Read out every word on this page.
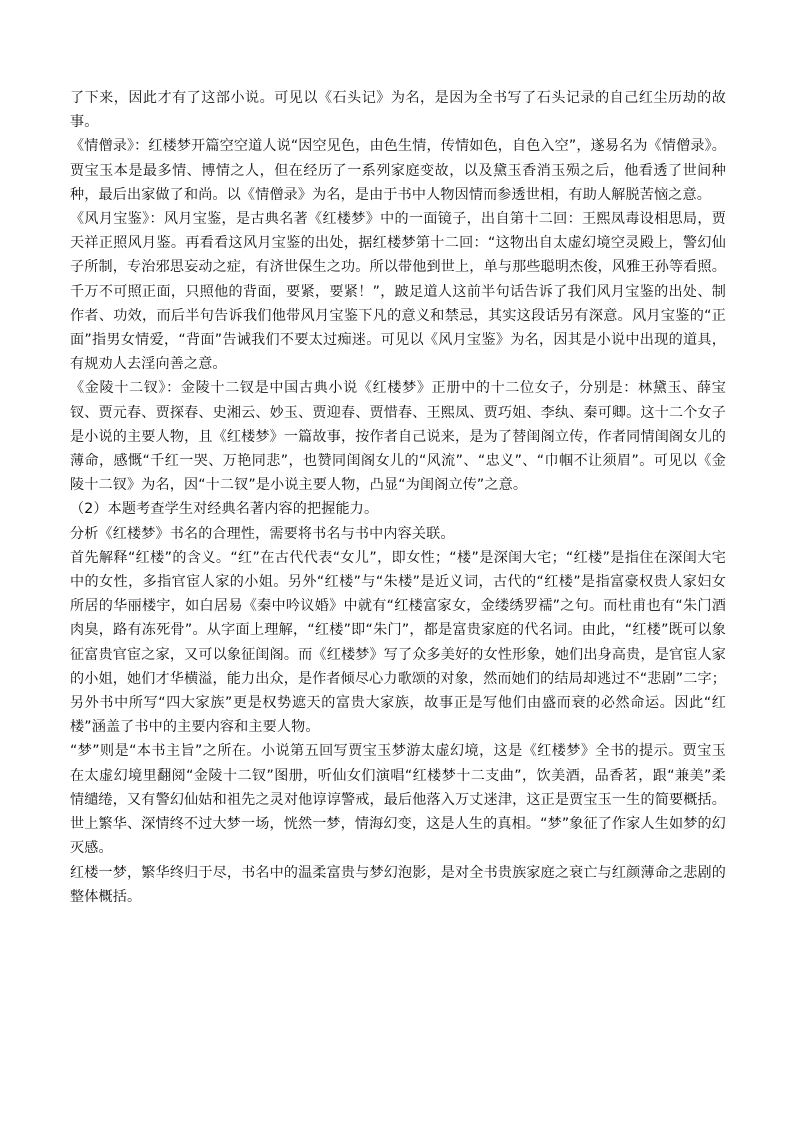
了下来，因此才有了这部小说。可见以《石头记》为名，是因为全书写了石头记录的自己红尘历劫的故事。

《情僧录》：红楼梦开篇空空道人说“因空见色，由色生情，传情如色，自色入空”，遂易名为《情僧录》。贾宝玉本是最多情、博情之人，但在经历了一系列家庭变故，以及黛玉香消玉殒之后，他看透了世间种种，最后出家做了和尚。以《情僧录》为名，是由于书中人物因情而参透世相，有助人解脱苦恼之意。

《风月宝鉴》：风月宝鉴，是古典名著《红楼梦》中的一面镜子，出自第十二回：王熙凤毒设相思局，贾天祥正照风月鉴。再看看这风月宝鉴的出处，据红楼梦第十二回：“这物出自太虚幻境空灵殿上，警幻仙子所制，专治邪思妄动之症，有济世保生之功。所以带他到世上，单与那些聪明杰俊，风雅王孙等看照。千万不可照正面，只照他的背面，要紧，要紧！”，跛足道人这前半句话告诉了我们风月宝鉴的出处、制作者、功效，而后半句告诉我们他带风月宝鉴下凡的意义和禁忌，其实这段话另有深意。风月宝鉴的“正面”指男女情爱，“背面”告诫我们不要太过痴迷。可见以《风月宝鉴》为名，因其是小说中出现的道具，有规劝人去淫向善之意。

《金陵十二钗》：金陵十二钗是中国古典小说《红楼梦》正册中的十二位女子，分别是：林黛玉、薛宝钗、贾元春、贾探春、史湘云、妙玉、贾迎春、贾惜春、王熙凤、贾巧姐、李纨、秦可卿。这十二个女子是小说的主要人物，且《红楼梦》一篇故事，按作者自己说来，是为了替闺阁立传，作者同情闺阁女儿的薄命，感慨“千红一哭、万艳同悲”，也赞同闺阁女儿的“风流”、“忠义”、“巾帼不让须眉”。可见以《金陵十二钗》为名，因“十二钗”是小说主要人物，凸显“为闺阁立传”之意。

（2）本题考查学生对经典名著内容的把握能力。

分析《红楼梦》书名的合理性，需要将书名与书中内容关联。

首先解释“红楼”的含义。“红”在古代代表“女儿”，即女性；“楼”是深闺大宅；“红楼”是指住在深闺大宅中的女性，多指官宦人家的小姐。另外“红楼”与“朱楼”是近义词，古代的“红楼”是指富豪权贵人家妇女所居的华丽楼宇，如白居易《秦中吟议婚》中就有“红楼富家女，金缕绣罗襦”之句。而杜甫也有“朱门酒肉臭，路有冻死骨”。从字面上理解，“红楼”即“朱门”，都是富贵家庭的代名词。由此，“红楼”既可以象征富贵官宦之家，又可以象征闺阁。而《红楼梦》写了众多美好的女性形象，她们出身高贵，是官宦人家的小姐，她们才华横溢，能力出众，是作者倾尽心力歌颂的对象，然而她们的结局却逃过不“悲剧”二字；另外书中所写“四大家族”更是权势遮天的富贵大家族，故事正是写他们由盛而衰的必然命运。因此“红楼”涵盖了书中的主要内容和主要人物。

“梦”则是“本书主旨”之所在。小说第五回写贾宝玉梦游太虚幻境，这是《红楼梦》全书的提示。贾宝玉在太虚幻境里翻阅“金陵十二钗”图册，听仙女们演唱“红楼梦十二支曲”，饮美酒，品香茗，跟“兼美”柔情缱绻，又有警幻仙姑和祖先之灵对他谆谆警戒，最后他落入万丈迷津，这正是贾宝玉一生的简要概括。世上繁华、深情终不过大梦一场，恍然一梦，情海幻变，这是人生的真相。“梦”象征了作家人生如梦的幻灭感。

红楼一梦，繁华终归于尽，书名中的温柔富贵与梦幻泡影，是对全书贵族家庭之衰亡与红颜薄命之悲剧的整体概括。
